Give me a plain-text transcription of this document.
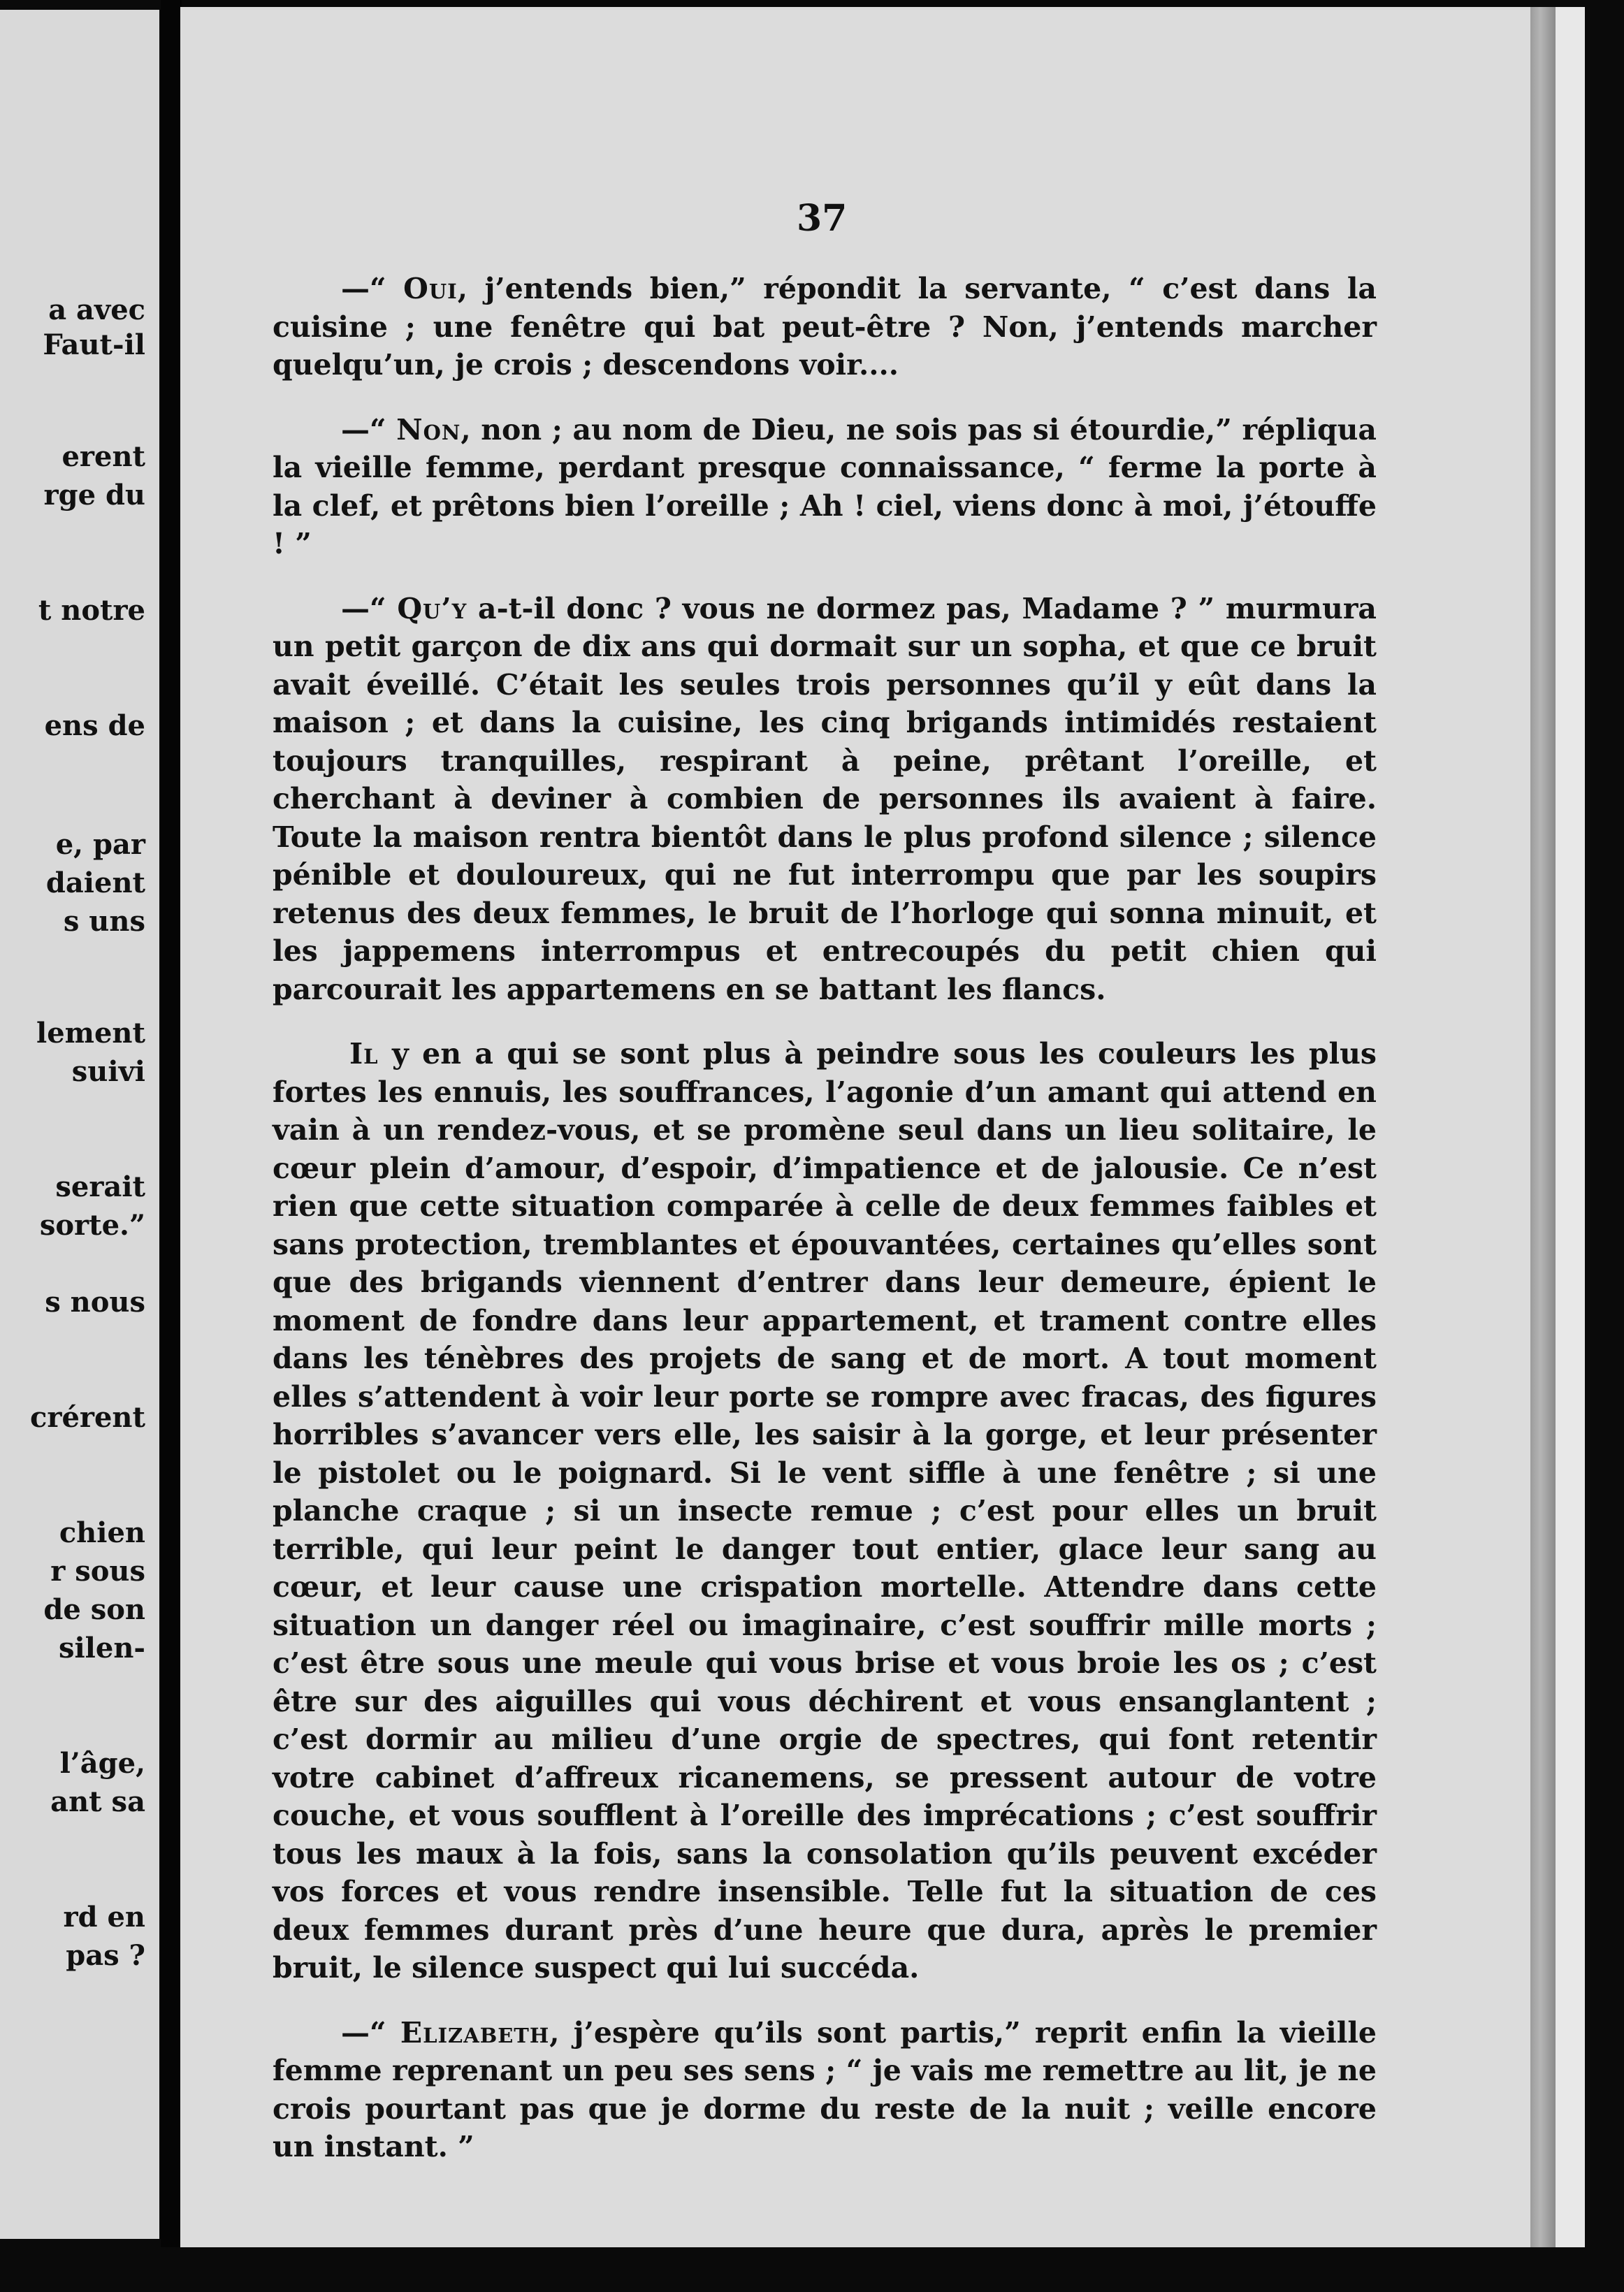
a avec
Faut-il
erent
rge du
t notre
ens de
e, par
daient
s uns
lement
suivi
serait
sorte.”
s nous
crérent
chien
r sous
de son
silen-
l’âge,
ant sa
rd en
pas ?
37

—“ Oui, j’entends bien,” répondit la servante, “ c’est dans la cuisine ; une fenêtre qui bat peut-être ? Non, j’entends marcher quelqu’un, je crois ; descendons voir....

—“ Non, non ; au nom de Dieu, ne sois pas si étourdie,” répliqua la vieille femme, perdant presque connaissance, “ ferme la porte à la clef, et prêtons bien l’oreille ; Ah ! ciel, viens donc à moi, j’étouffe ! ”

—“ Qu’y a-t-il donc ? vous ne dormez pas, Madame ? ” murmura un petit garçon de dix ans qui dormait sur un sopha, et que ce bruit avait éveillé. C’était les seules trois personnes qu’il y eût dans la maison ; et dans la cuisine, les cinq brigands intimidés restaient toujours tranquilles, respirant à peine, prêtant l’oreille, et cherchant à deviner à combien de personnes ils avaient à faire. Toute la maison rentra bientôt dans le plus profond silence ; silence pénible et douloureux, qui ne fut interrompu que par les soupirs retenus des deux femmes, le bruit de l’horloge qui sonna minuit, et les jappemens interrompus et entrecoupés du petit chien qui parcourait les appartemens en se battant les flancs.

Il y en a qui se sont plus à peindre sous les couleurs les plus fortes les ennuis, les souffrances, l’agonie d’un amant qui attend en vain à un rendez-vous, et se promène seul dans un lieu solitaire, le cœur plein d’amour, d’espoir, d’impatience et de jalousie. Ce n’est rien que cette situation comparée à celle de deux femmes faibles et sans protection, tremblantes et épouvantées, certaines qu’elles sont que des brigands viennent d’entrer dans leur demeure, épient le moment de fondre dans leur appartement, et trament contre elles dans les ténèbres des projets de sang et de mort. A tout moment elles s’attendent à voir leur porte se rompre avec fracas, des figures horribles s’avancer vers elle, les saisir à la gorge, et leur présenter le pistolet ou le poignard. Si le vent siffle à une fenêtre ; si une planche craque ; si un insecte remue ; c’est pour elles un bruit terrible, qui leur peint le danger tout entier, glace leur sang au cœur, et leur cause une crispation mortelle. Attendre dans cette situation un danger réel ou imaginaire, c’est souffrir mille morts ; c’est être sous une meule qui vous brise et vous broie les os ; c’est être sur des aiguilles qui vous déchirent et vous ensanglantent ; c’est dormir au milieu d’une orgie de spectres, qui font retentir votre cabinet d’affreux ricanemens, se pressent autour de votre couche, et vous soufflent à l’oreille des imprécations ; c’est souffrir tous les maux à la fois, sans la consolation qu’ils peuvent excéder vos forces et vous rendre insensible. Telle fut la situation de ces deux femmes durant près d’une heure que dura, après le premier bruit, le silence suspect qui lui succéda.

—“ Elizabeth, j’espère qu’ils sont partis,” reprit enfin la vieille femme reprenant un peu ses sens ; “ je vais me remettre au lit, je ne crois pourtant pas que je dorme du reste de la nuit ; veille encore un instant. ”
